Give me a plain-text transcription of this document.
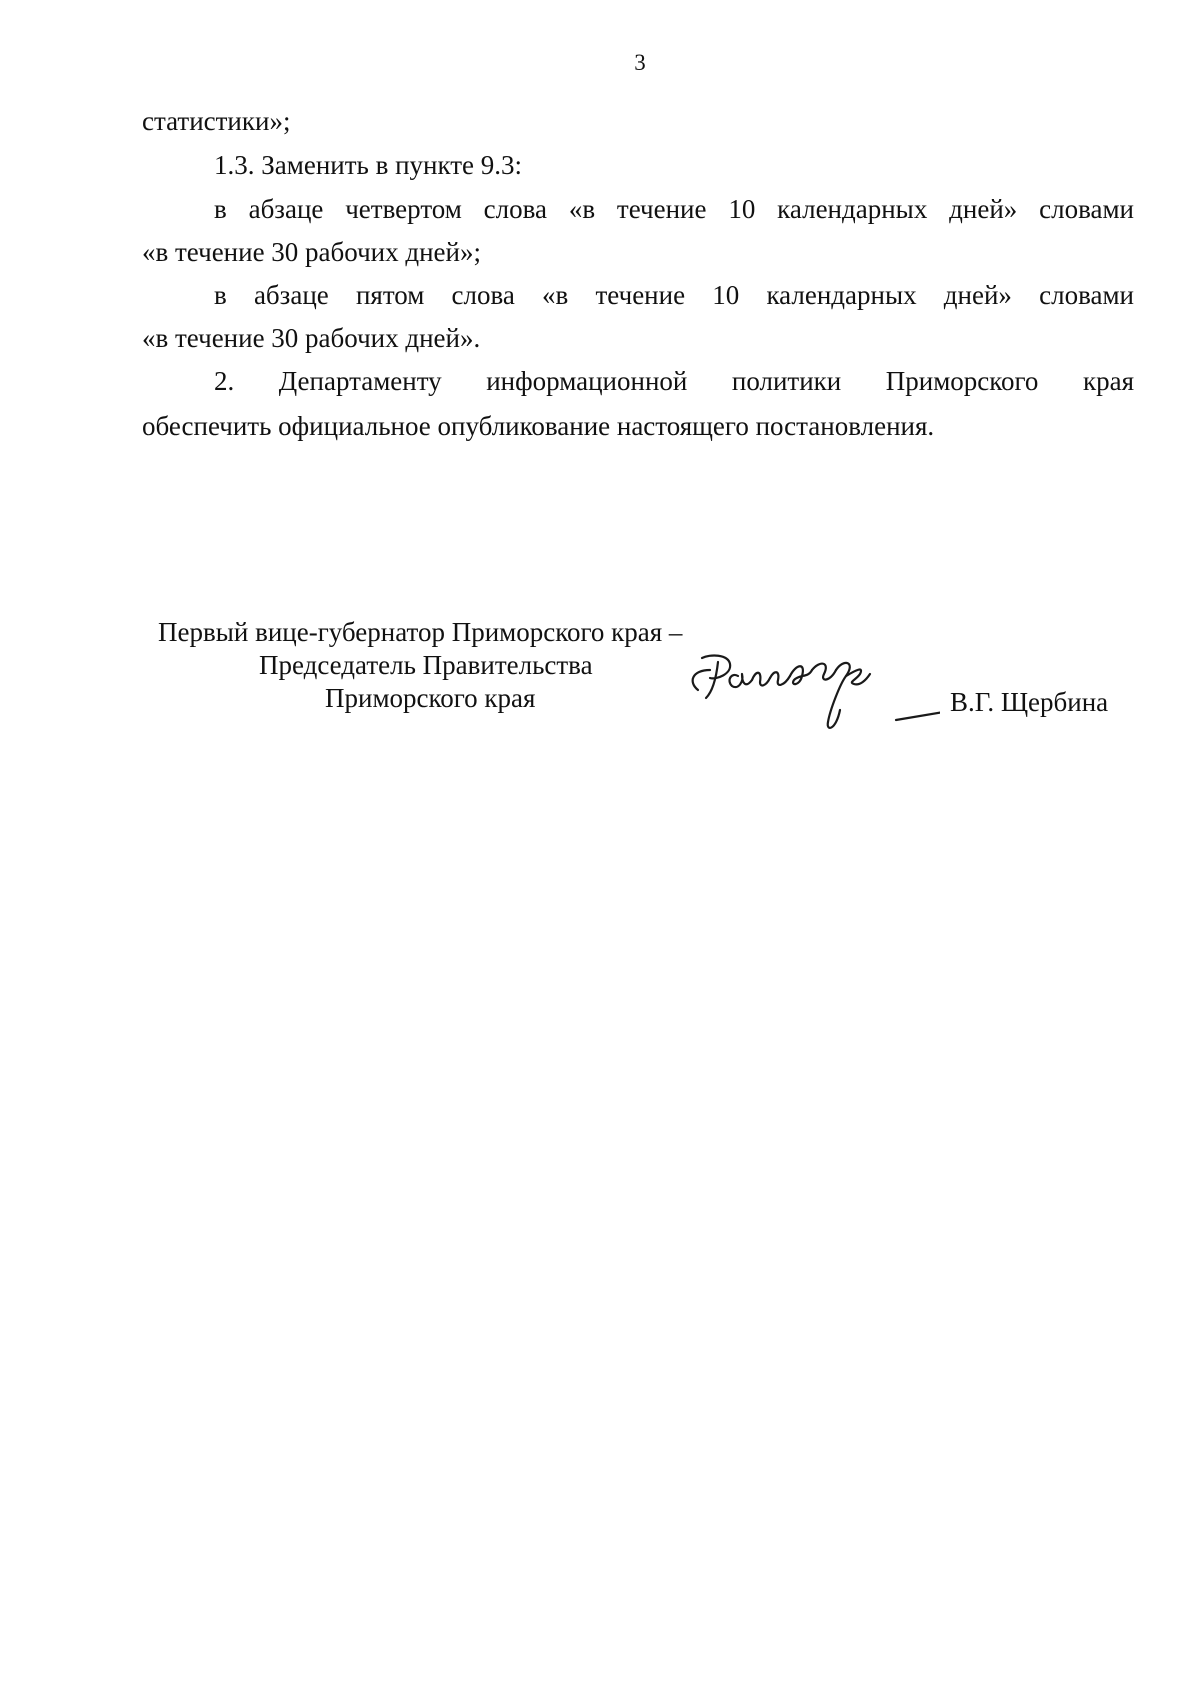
3

статистики»;

1.3. Заменить в пункте 9.3:

в абзаце четвертом слова «в течение 10 календарных дней» словами

«в течение 30 рабочих дней»;

в абзаце пятом слова «в течение 10 календарных дней» словами

«в течение 30 рабочих дней».

2. Департаменту информационной политики Приморского края

обеспечить официальное опубликование настоящего постановления.

Первый вице-губернатор Приморского края –
Председатель Правительства
Приморского края	В.Г. Щербина
